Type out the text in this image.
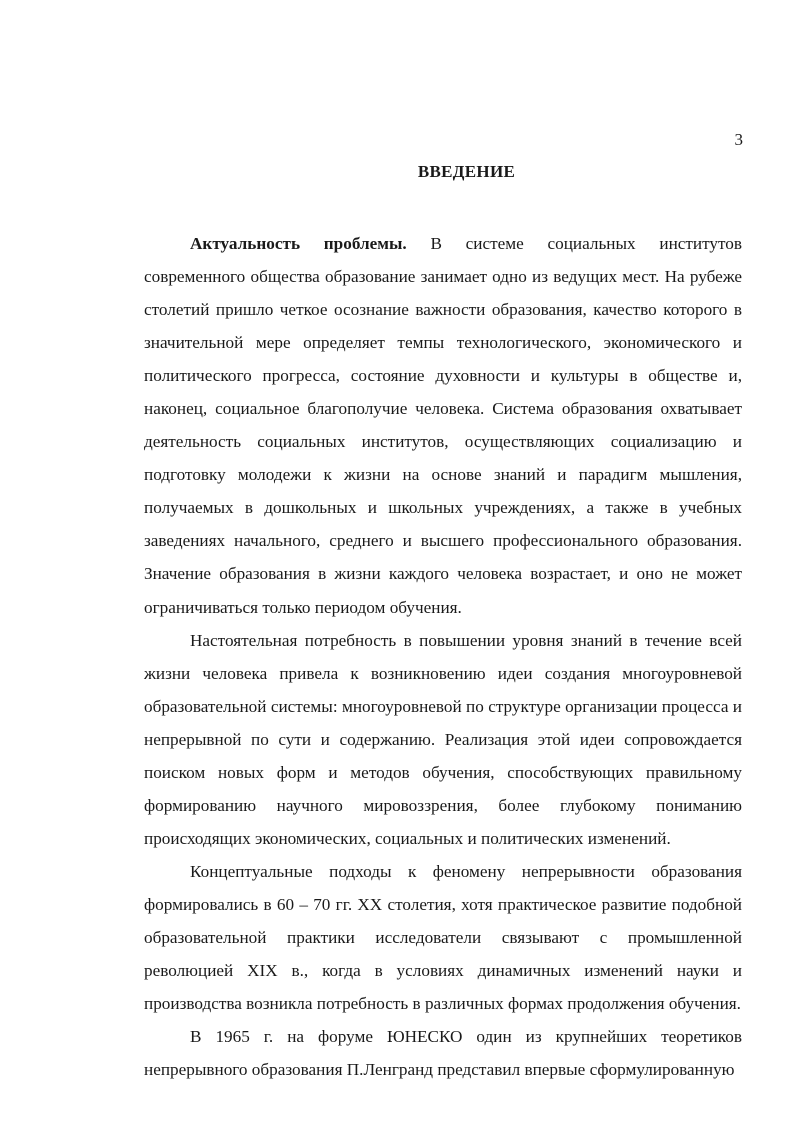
3
ВВЕДЕНИЕ

Актуальность проблемы. В системе социальных институтов современного общества образование занимает одно из ведущих мест. На рубеже столетий пришло четкое осознание важности образования, качество которого в значительной мере определяет темпы технологического, экономического и политического прогресса, состояние духовности и культуры в обществе и, наконец, социальное благополучие человека. Система образования охватывает деятельность социальных институтов, осуществляющих социализацию и подготовку молодежи к жизни на основе знаний и парадигм мышления, получаемых в дошкольных и школьных учреждениях, а также в учебных заведениях начального, среднего и высшего профессионального образования. Значение образования в жизни каждого человека возрастает, и оно не может ограничиваться только периодом обучения.

Настоятельная потребность в повышении уровня знаний в течение всей жизни человека привела к возникновению идеи создания многоуровневой образовательной системы: многоуровневой по структуре организации процесса и непрерывной по сути и содержанию. Реализация этой идеи сопровождается поиском новых форм и методов обучения, способствующих правильному формированию научного мировоззрения, более глубокому пониманию происходящих экономических, социальных и политических изменений.

Концептуальные подходы к феномену непрерывности образования формировались в 60 – 70 гг. XX столетия, хотя практическое развитие подобной образовательной практики исследователи связывают с промышленной революцией XIX в., когда в условиях динамичных изменений науки и производства возникла потребность в различных формах продолжения обучения.

В 1965 г. на форуме ЮНЕСКО один из крупнейших теоретиков непрерывного образования П.Ленгранд представил впервые сформулированную
